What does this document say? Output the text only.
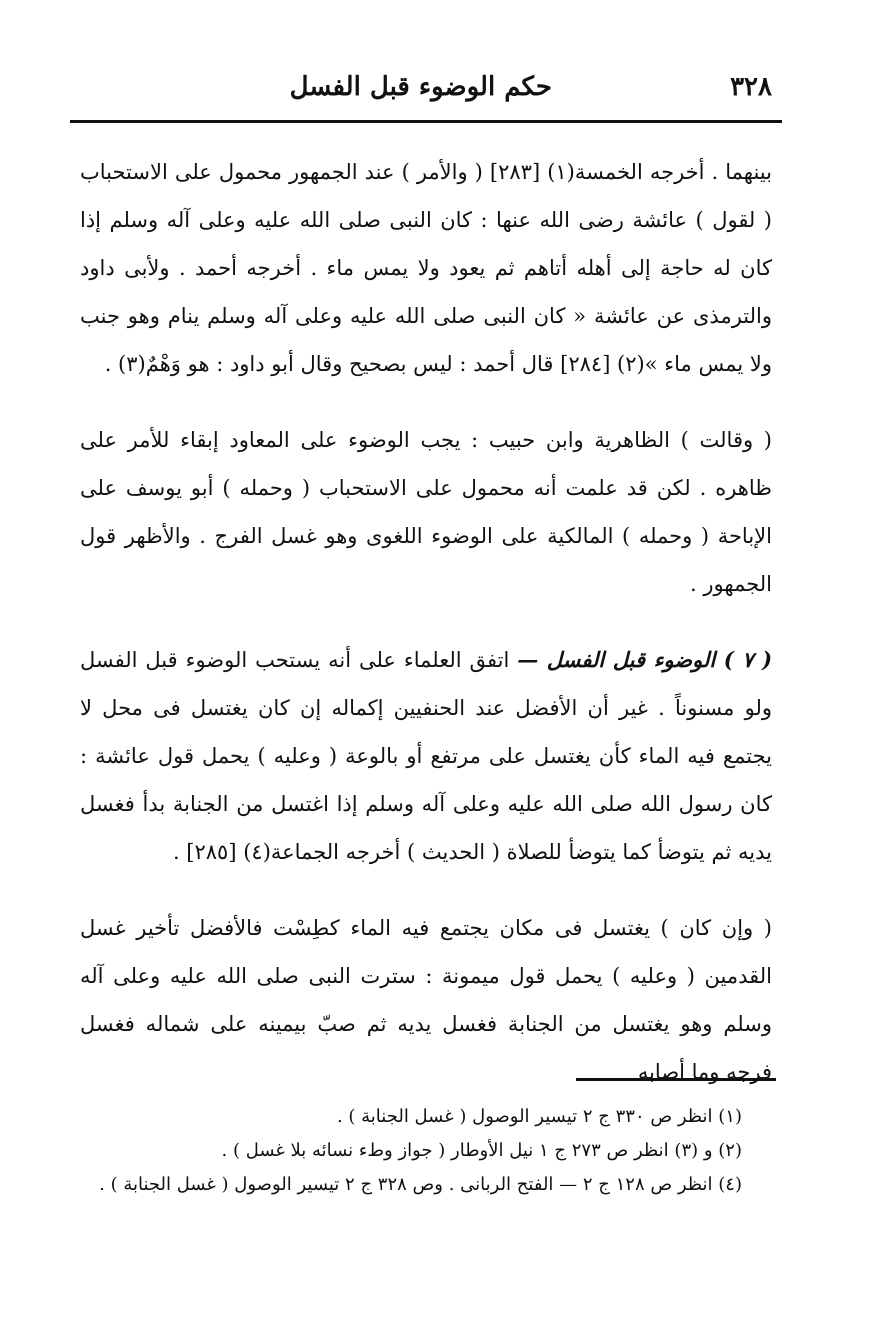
٣٢٨
حكم الوضوء قبل الفسل

بينهما . أخرجه الخمسة(١) [٢٨٣] ( والأمر ) عند الجمهور محمول على الاستحباب ( لقول ) عائشة رضى الله عنها : كان النبى صلى الله عليه وعلى آله وسلم إذا كان له حاجة إلى أهله أتاهم ثم يعود ولا يمس ماء . أخرجه أحمد . ولأبى داود والترمذى عن عائشة « كان النبى صلى الله عليه وعلى آله وسلم ينام وهو جنب ولا يمس ماء »(٢) [٢٨٤] قال أحمد : ليس بصحيح وقال أبو داود : هو وَهْمٌ(٣) .

( وقالت ) الظاهرية وابن حبيب : يجب الوضوء على المعاود إبقاء للأمر على ظاهره . لكن قد علمت أنه محمول على الاستحباب ( وحمله ) أبو يوسف على الإباحة ( وحمله ) المالكية على الوضوء اللغوى وهو غسل الفرج . والأظهر قول الجمهور .

( ٧ ) الوضوء قبل الفسل — اتفق العلماء على أنه يستحب الوضوء قبل الفسل ولو مسنوناً . غير أن الأفضل عند الحنفيين إكماله إن كان يغتسل فى محل لا يجتمع فيه الماء كأن يغتسل على مرتفع أو بالوعة ( وعليه ) يحمل قول عائشة : كان رسول الله صلى الله عليه وعلى آله وسلم إذا اغتسل من الجنابة بدأ فغسل يديه ثم يتوضأ كما يتوضأ للصلاة ( الحديث ) أخرجه الجماعة(٤) [٢٨٥] .

( وإن كان ) يغتسل فى مكان يجتمع فيه الماء كطِسْت فالأفضل تأخير غسل القدمين ( وعليه ) يحمل قول ميمونة : سترت النبى صلى الله عليه وعلى آله وسلم وهو يغتسل من الجنابة فغسل يديه ثم صبّ بيمينه على شماله فغسل فرجه وما أصابه

(١) انظر ص ٣٣٠ ج ٢ تيسير الوصول ( غسل الجنابة ) .

(٢) و (٣) انظر ص ٢٧٣ ج ١ نيل الأوطار ( جواز وطء نسائه بلا غسل ) .

(٤) انظر ص ١٢٨ ج ٢ — الفتح الربانى . وص ٣٢٨ ج ٢ تيسير الوصول ( غسل الجنابة ) .
